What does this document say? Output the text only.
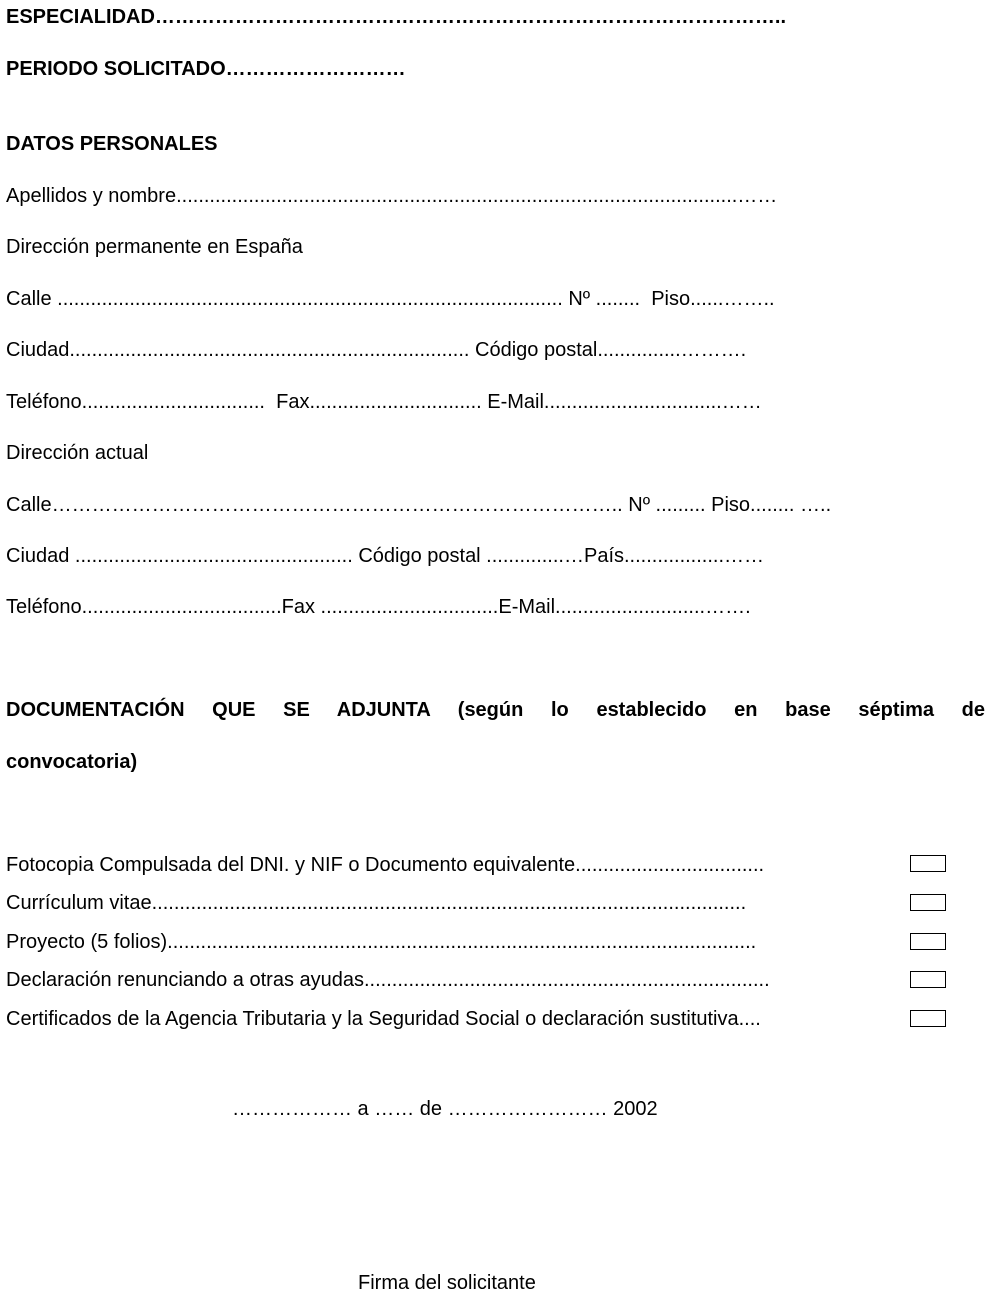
ESPECIALIDAD…………………………………………………………………………………..
PERIODO SOLICITADO………………………
DATOS PERSONALES
Apellidos y nombre.....................................................................................................……
Dirección permanente en España
Calle ........................................................................................... Nº ........  Piso......……..
Ciudad........................................................................ Código postal...............……….
Teléfono.................................  Fax............................... E-Mail................................……
Dirección actual
Calle………………………………………………………………………….. Nº ......... Piso........ …..
Ciudad .................................................. Código postal ..............…País..................……
Teléfono....................................Fax ................................E-Mail...........................…….
DOCUMENTACIÓN QUE SE ADJUNTA (según lo establecido en base séptima de
convocatoria)
Fotocopia Compulsada del DNI. y NIF o Documento equivalente..................................
Currículum vitae...........................................................................................................
Proyecto (5 folios)..........................................................................................................
Declaración renunciando a otras ayudas.........................................................................
Certificados de la Agencia Tributaria y la Seguridad Social o declaración sustitutiva....
……………… a …… de …………………… 2002
Firma del solicitante
